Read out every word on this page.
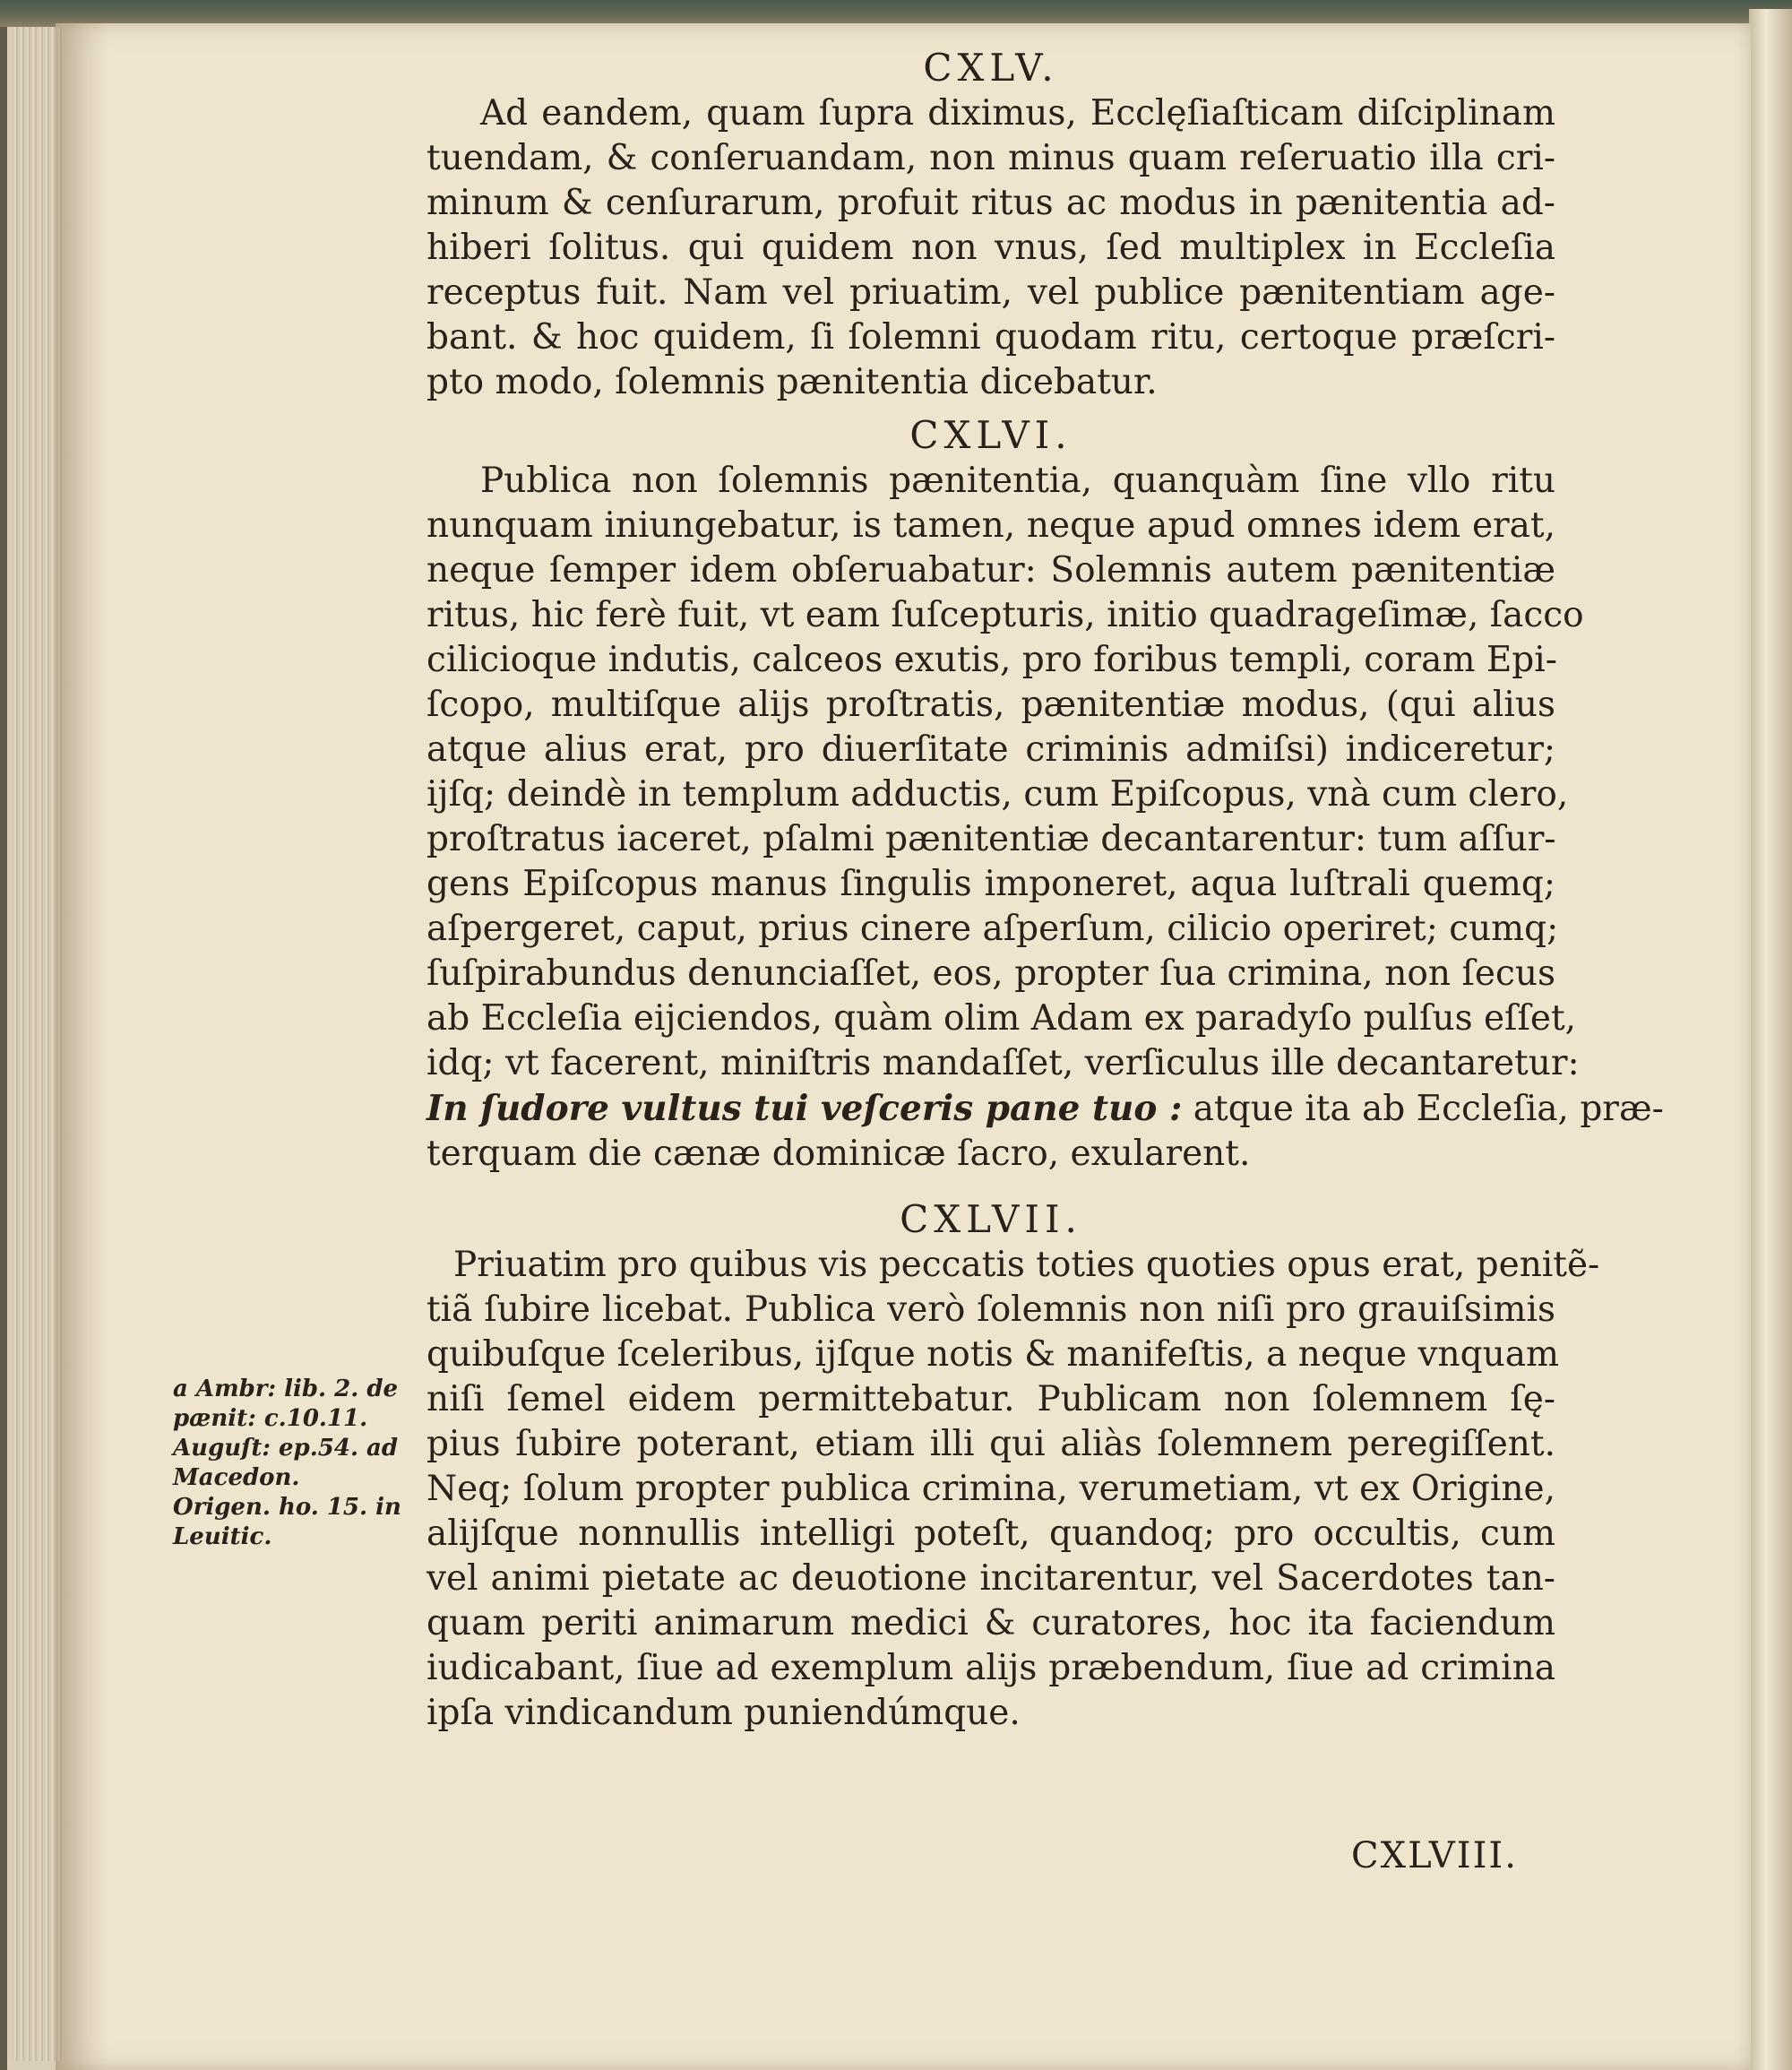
CXLV.

Ad eandem, quam ſupra diximus, Ecclęſiaſticam diſciplinam
tuendam, & conſeruandam, non minus quam reſeruatio illa cri-
minum & cenſurarum, profuit ritus ac modus in pænitentia ad-
hiberi ſolitus. qui quidem non vnus, ſed multiplex in Eccleſia
receptus fuit. Nam vel priuatim, vel publice pænitentiam age-
bant. & hoc quidem, ſi ſolemni quodam ritu, certoque præſcri-
pto modo, ſolemnis pænitentia dicebatur.

CXLVI.

Publica non ſolemnis pænitentia, quanquàm ſine vllo ritu
nunquam iniungebatur, is tamen, neque apud omnes idem erat,
neque ſemper idem obſeruabatur: Solemnis autem pænitentiæ
ritus, hic ferè fuit, vt eam ſuſcepturis, initio quadrageſimæ, ſacco
cilicioque indutis, calceos exutis, pro foribus templi, coram Epi-
ſcopo, multiſque alijs proſtratis, pænitentiæ modus, (qui alius
atque alius erat, pro diuerſitate criminis admiſsi) indiceretur;
ijſq; deindè in templum adductis, cum Epiſcopus, vnà cum clero,
proſtratus iaceret, pſalmi pænitentiæ decantarentur: tum aſſur-
gens Epiſcopus manus ſingulis imponeret, aqua luſtrali quemq;
aſpergeret, caput, prius cinere aſperſum, cilicio operiret; cumq;
ſuſpirabundus denunciaſſet, eos, propter ſua crimina, non ſecus
ab Eccleſia eijciendos, quàm olim Adam ex paradyſo pulſus eſſet,
idq; vt facerent, miniſtris mandaſſet, verſiculus ille decantaretur:
In ſudore vultus tui veſceris pane tuo : atque ita ab Eccleſia, præ-
terquam die cænæ dominicæ ſacro, exularent.

CXLVII.

Priuatim pro quibus vis peccatis toties quoties opus erat, penitẽ-
tiã ſubire licebat. Publica verò ſolemnis non niſi pro grauiſsimis
quibuſque ſceleribus, ijſque notis & manifeſtis, a neque vnquam
niſi ſemel eidem permittebatur. Publicam non ſolemnem ſę-
pius ſubire poterant, etiam illi qui aliàs ſolemnem peregiſſent.
Neq; ſolum propter publica crimina, verumetiam, vt ex Origine,
alijſque nonnullis intelligi poteſt, quandoq; pro occultis, cum
vel animi pietate ac deuotione incitarentur, vel Sacerdotes tan-
quam periti animarum medici & curatores, hoc ita faciendum
iudicabant, ſiue ad exemplum alijs præbendum, ſiue ad crimina
ipſa vindicandum puniendúmque.

a Ambr: lib. 2. de
pænit: c.10.11.
Auguſt: ep.54. ad
Macedon.
Origen. ho. 15. in
Leuitic.
CXLVIII.
